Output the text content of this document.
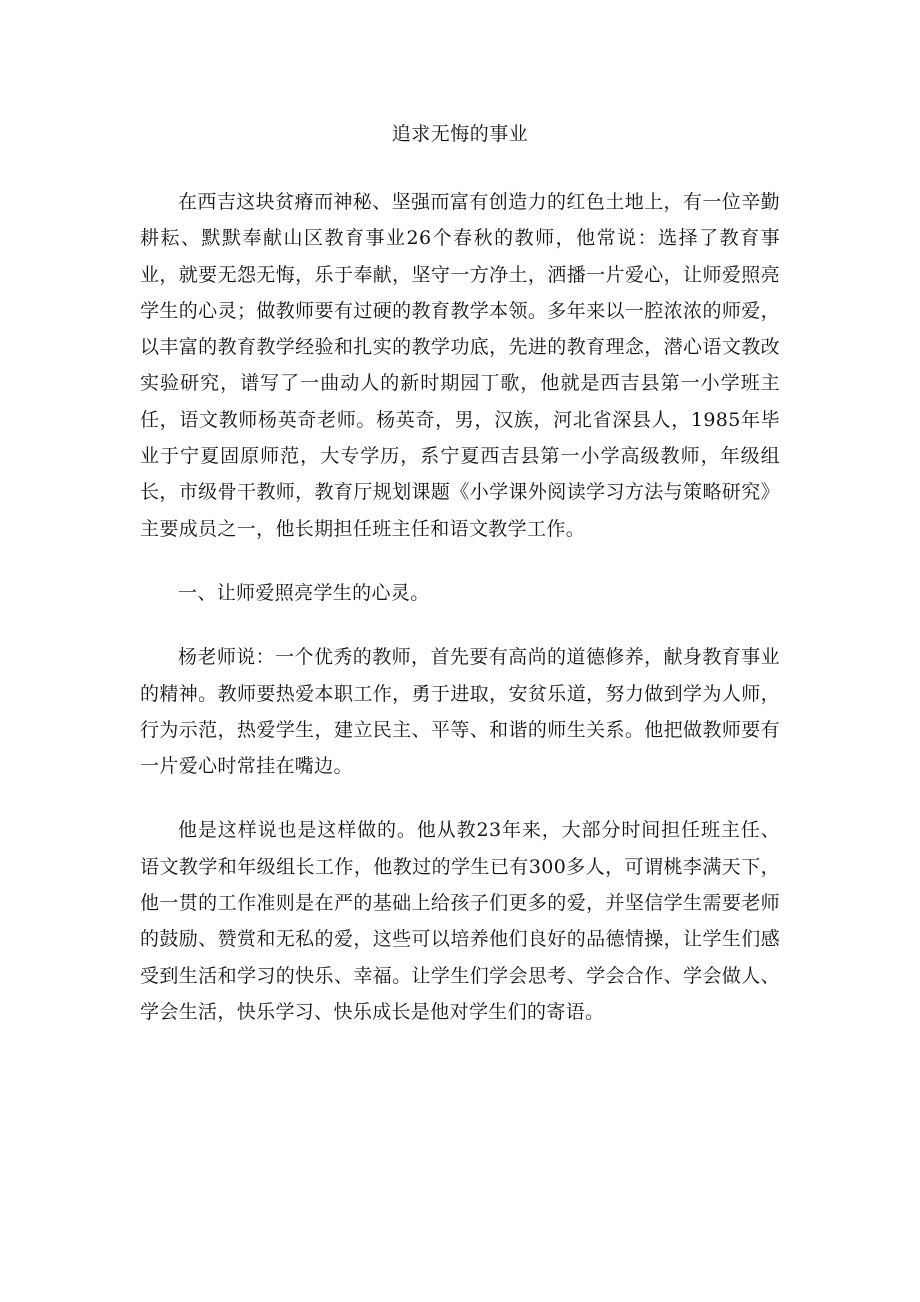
追求无悔的事业

在西吉这块贫瘠而神秘、坚强而富有创造力的红色土地上，有一位辛勤耕耘、默默奉献山区教育事业26个春秋的教师，他常说：选择了教育事业，就要无怨无悔，乐于奉献，坚守一方净土，洒播一片爱心，让师爱照亮学生的心灵；做教师要有过硬的教育教学本领。多年来以一腔浓浓的师爱，以丰富的教育教学经验和扎实的教学功底，先进的教育理念，潜心语文教改实验研究，谱写了一曲动人的新时期园丁歌，他就是西吉县第一小学班主任，语文教师杨英奇老师。杨英奇，男，汉族，河北省深县人，1985年毕业于宁夏固原师范，大专学历，系宁夏西吉县第一小学高级教师，年级组长，市级骨干教师，教育厅规划课题《小学课外阅读学习方法与策略研究》主要成员之一，他长期担任班主任和语文教学工作。

一、让师爱照亮学生的心灵。

杨老师说：一个优秀的教师，首先要有高尚的道德修养，献身教育事业的精神。教师要热爱本职工作，勇于进取，安贫乐道，努力做到学为人师，行为示范，热爱学生，建立民主、平等、和谐的师生关系。他把做教师要有一片爱心时常挂在嘴边。

他是这样说也是这样做的。他从教23年来，大部分时间担任班主任、语文教学和年级组长工作，他教过的学生已有300多人，可谓桃李满天下，他一贯的工作准则是在严的基础上给孩子们更多的爱，并坚信学生需要老师的鼓励、赞赏和无私的爱，这些可以培养他们良好的品德情操，让学生们感受到生活和学习的快乐、幸福。让学生们学会思考、学会合作、学会做人、学会生活，快乐学习、快乐成长是他对学生们的寄语。
